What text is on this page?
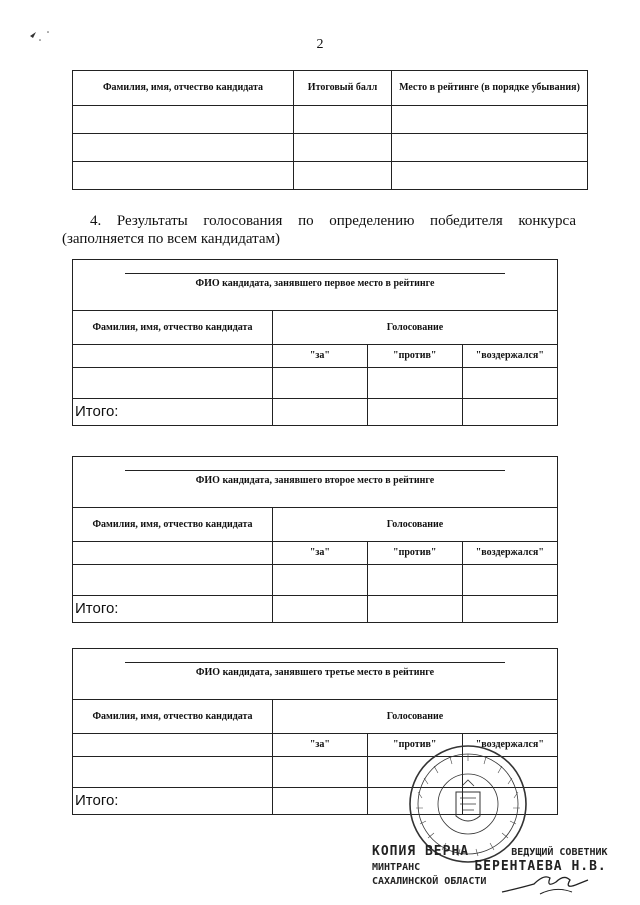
2
Фамилия, имя, отчество кандидата	Итоговый балл	Место в рейтинге (в порядке убывания)

4. Результаты голосования по определению победителя конкурса (заполняется по всем кандидатам)
ФИО кандидата, занявшего первое место в рейтинге
Фамилия, имя, отчество кандидата	Голосование		
	"за"	"против"	"воздержался"

Итого:			
ФИО кандидата, занявшего второе место в рейтинге
Фамилия, имя, отчество кандидата	Голосование		
	"за"	"против"	"воздержался"

Итого:			
ФИО кандидата, занявшего третье место в рейтинге
Фамилия, имя, отчество кандидата	Голосование		
	"за"	"против"	"воздержался"

Итого:			
КОПИЯ ВЕРНА	ВЕДУЩИЙ СОВЕТНИК
МИНТРАНС	БЕРЕНТАЕВА Н.В.
САХАЛИНСКОЙ ОБЛАСТИ
